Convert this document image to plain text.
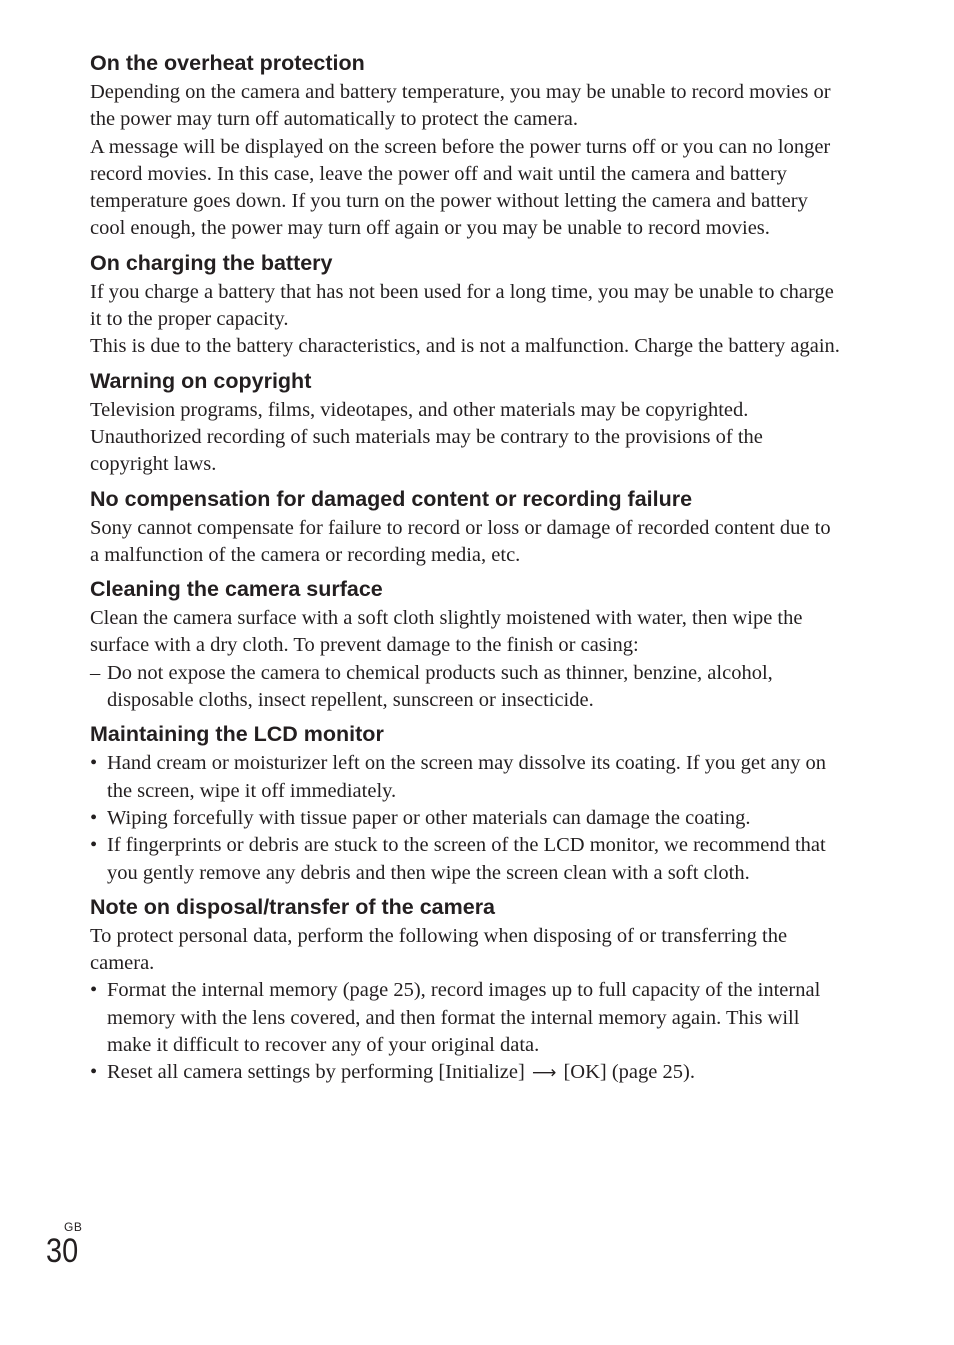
On the overheat protection

Depending on the camera and battery temperature, you may be unable to record movies or the power may turn off automatically to protect the camera.

A message will be displayed on the screen before the power turns off or you can no longer record movies. In this case, leave the power off and wait until the camera and battery temperature goes down. If you turn on the power without letting the camera and battery cool enough, the power may turn off again or you may be unable to record movies.

On charging the battery

If you charge a battery that has not been used for a long time, you may be unable to charge it to the proper capacity.

This is due to the battery characteristics, and is not a malfunction. Charge the battery again.

Warning on copyright

Television programs, films, videotapes, and other materials may be copyrighted. Unauthorized recording of such materials may be contrary to the provisions of the copyright laws.

No compensation for damaged content or recording failure

Sony cannot compensate for failure to record or loss or damage of recorded content due to a malfunction of the camera or recording media, etc.

Cleaning the camera surface

Clean the camera surface with a soft cloth slightly moistened with water, then wipe the surface with a dry cloth. To prevent damage to the finish or casing:

– Do not expose the camera to chemical products such as thinner, benzine, alcohol, disposable cloths, insect repellent, sunscreen or insecticide.
Maintaining the LCD monitor
• Hand cream or moisturizer left on the screen may dissolve its coating. If you get any on the screen, wipe it off immediately.
• Wiping forcefully with tissue paper or other materials can damage the coating.
• If fingerprints or debris are stuck to the screen of the LCD monitor, we recommend that you gently remove any debris and then wipe the screen clean with a soft cloth.
Note on disposal/transfer of the camera

To protect personal data, perform the following when disposing of or transferring the camera.

• Format the internal memory (page 25), record images up to full capacity of the internal memory with the lens covered, and then format the internal memory again. This will make it difficult to recover any of your original data.
• Reset all camera settings by performing [Initialize] ⟶ [OK] (page 25).
GB
30
